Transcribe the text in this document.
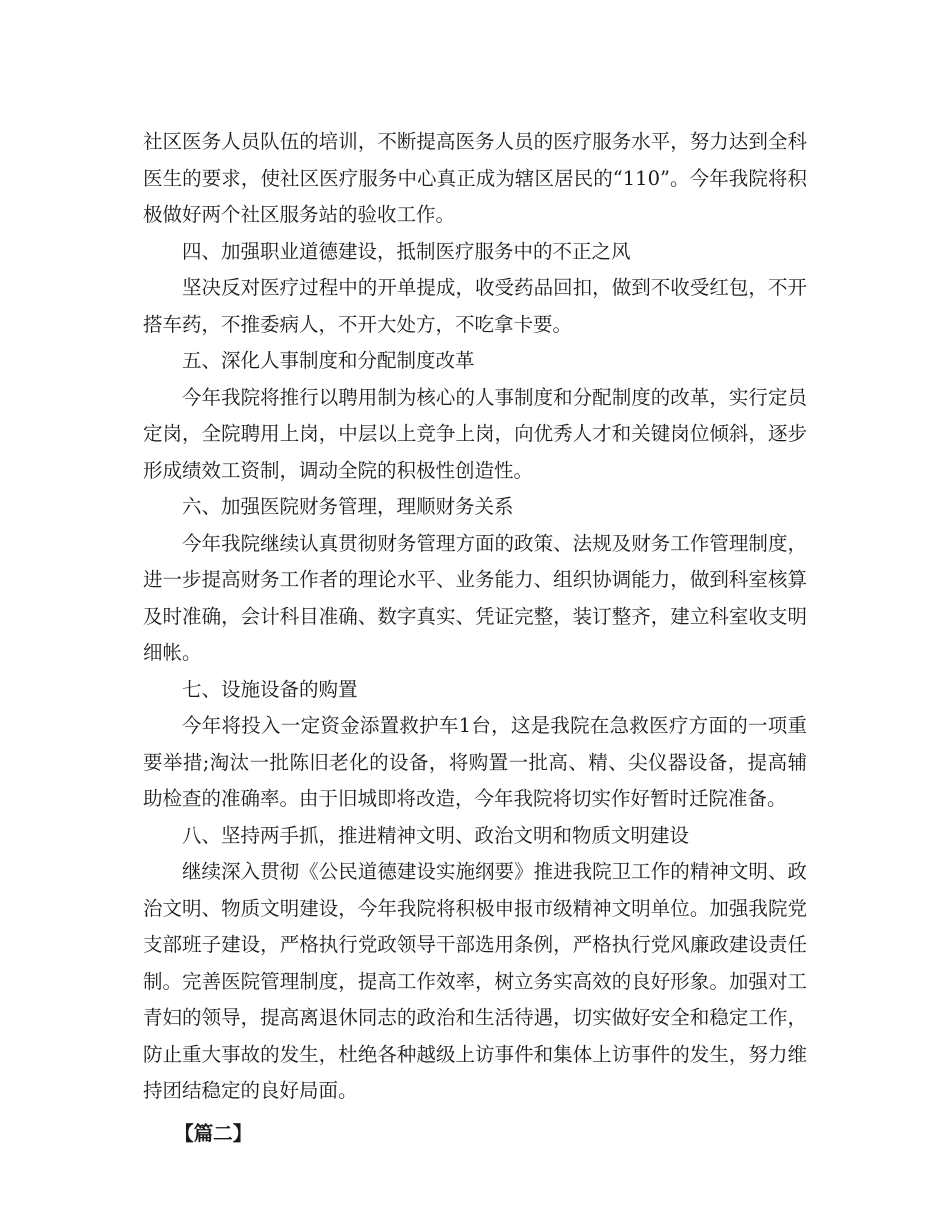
社区医务人员队伍的培训，不断提高医务人员的医疗服务水平，努力达到全科医生的要求，使社区医疗服务中心真正成为辖区居民的“110”。今年我院将积极做好两个社区服务站的验收工作。

四、加强职业道德建设，抵制医疗服务中的不正之风

坚决反对医疗过程中的开单提成，收受药品回扣，做到不收受红包，不开搭车药，不推委病人，不开大处方，不吃拿卡要。

五、深化人事制度和分配制度改革

今年我院将推行以聘用制为核心的人事制度和分配制度的改革，实行定员定岗，全院聘用上岗，中层以上竞争上岗，向优秀人才和关键岗位倾斜，逐步形成绩效工资制，调动全院的积极性创造性。

六、加强医院财务管理，理顺财务关系

今年我院继续认真贯彻财务管理方面的政策、法规及财务工作管理制度，进一步提高财务工作者的理论水平、业务能力、组织协调能力，做到科室核算及时准确，会计科目准确、数字真实、凭证完整，装订整齐，建立科室收支明细帐。

七、设施设备的购置

今年将投入一定资金添置救护车1台，这是我院在急救医疗方面的一项重要举措;淘汰一批陈旧老化的设备，将购置一批高、精、尖仪器设备，提高辅助检查的准确率。由于旧城即将改造，今年我院将切实作好暂时迁院准备。

八、坚持两手抓，推进精神文明、政治文明和物质文明建设

继续深入贯彻《公民道德建设实施纲要》推进我院卫工作的精神文明、政治文明、物质文明建设，今年我院将积极申报市级精神文明单位。加强我院党支部班子建设，严格执行党政领导干部选用条例，严格执行党风廉政建设责任制。完善医院管理制度，提高工作效率，树立务实高效的良好形象。加强对工青妇的领导，提高离退休同志的政治和生活待遇，切实做好安全和稳定工作，防止重大事故的发生，杜绝各种越级上访事件和集体上访事件的发生，努力维持团结稳定的良好局面。

【篇二】
